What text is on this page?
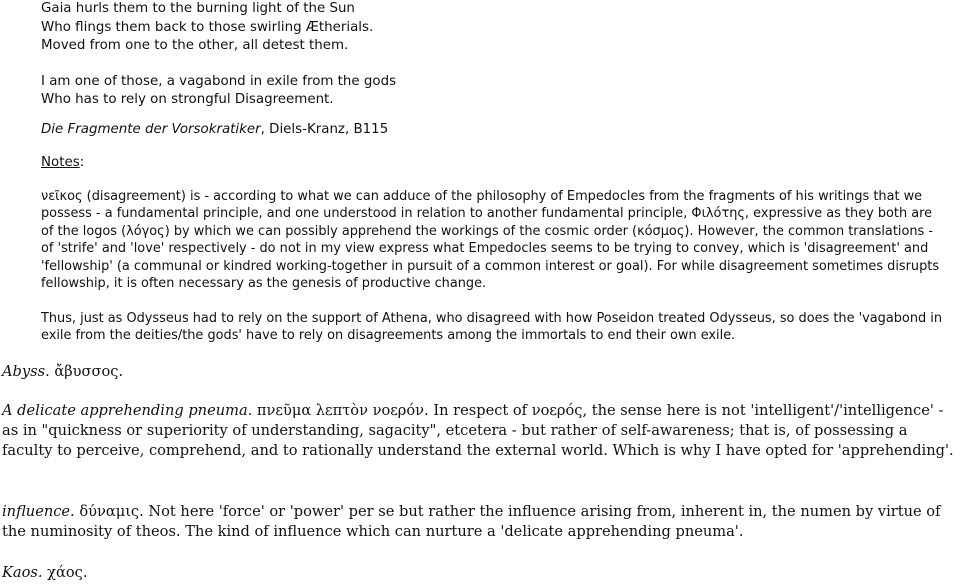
Gaia hurls them to the burning light of the Sun

Who flings them back to those swirling Ætherials.

Moved from one to the other, all detest them.

I am one of those, a vagabond in exile from the gods

Who has to rely on strongful Disagreement.

Die Fragmente der Vorsokratiker, Diels-Kranz, B115

Notes:

νεῖκος (disagreement) is - according to what we can adduce of the philosophy of Empedocles from the fragments of his writings that we possess - a fundamental principle, and one understood in relation to another fundamental principle, Φιλότης, expressive as they both are of the logos (λόγος) by which we can possibly apprehend the workings of the cosmic order (κόσμος). However, the common translations - of 'strife' and 'love' respectively - do not in my view express what Empedocles seems to be trying to convey, which is 'disagreement' and 'fellowship' (a communal or kindred working-together in pursuit of a common interest or goal). For while disagreement sometimes disrupts fellowship, it is often necessary as the genesis of productive change.

Thus, just as Odysseus had to rely on the support of Athena, who disagreed with how Poseidon treated Odysseus, so does the 'vagabond in exile from the deities/the gods' have to rely on disagreements among the immortals to end their own exile.

Abyss. ἄβυσσος.

A delicate apprehending pneuma. πνεῦμα λεπτὸν νοερόν. In respect of νοερός, the sense here is not 'intelligent'/'intelligence' - as in "quickness or superiority of understanding, sagacity", etcetera - but rather of self-awareness; that is, of possessing a faculty to perceive, comprehend, and to rationally understand the external world. Which is why I have opted for 'apprehending'.

influence. δύναμις. Not here 'force' or 'power' per se but rather the influence arising from, inherent in, the numen by virtue of the numinosity of theos. The kind of influence which can nurture a 'delicate apprehending pneuma'.

Kaos. χάος.
